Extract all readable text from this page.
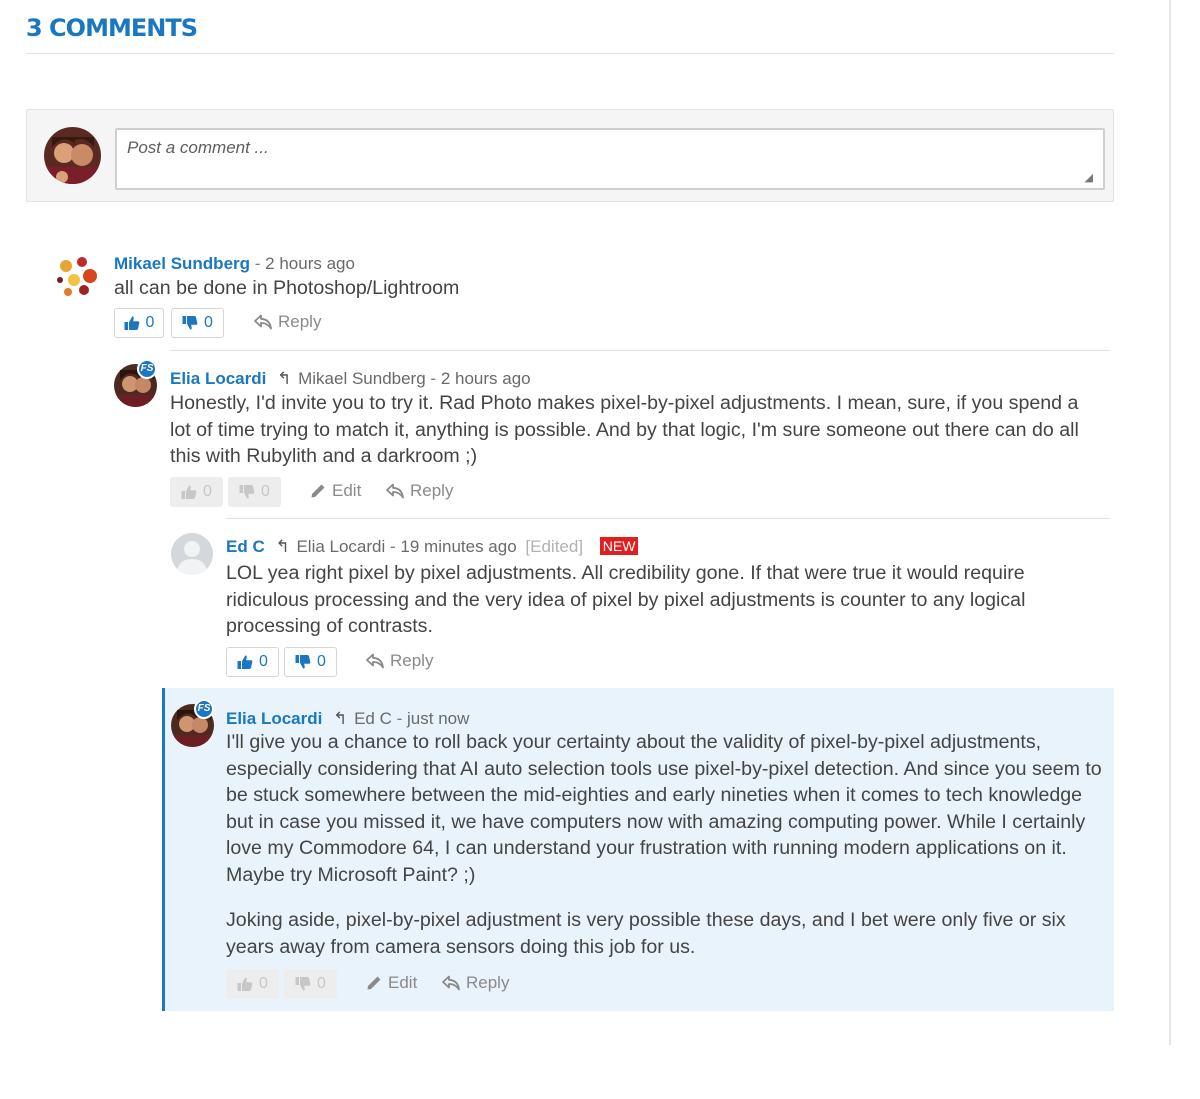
3 COMMENTS
Post a comment ...
◢
Mikael Sundberg - 2 hours ago

all can be done in Photoshop/Lightroom

0	0	Reply
FS
Elia Locardi ↰ Mikael Sundberg - 2 hours ago

Honestly, I'd invite you to try it. Rad Photo makes pixel-by-pixel adjustments. I mean, sure, if you spend a lot of time trying to match it, anything is possible. And by that logic, I'm sure someone out there can do all this with Rubylith and a darkroom ;)

0	0	Edit	Reply
Ed C ↰ Elia Locardi - 19 minutes ago [Edited] NEW

LOL yea right pixel by pixel adjustments. All credibility gone. If that were true it would require ridiculous processing and the very idea of pixel by pixel adjustments is counter to any logical processing of contrasts.

0	0	Reply
FS
Elia Locardi ↰ Ed C - just now

I'll give you a chance to roll back your certainty about the validity of pixel-by-pixel adjustments, especially considering that AI auto selection tools use pixel-by-pixel detection. And since you seem to be stuck somewhere between the mid-eighties and early nineties when it comes to tech knowledge but in case you missed it, we have computers now with amazing computing power. While I certainly love my Commodore 64, I can understand your frustration with running modern applications on it. Maybe try Microsoft Paint? ;)

Joking aside, pixel-by-pixel adjustment is very possible these days, and I bet were only five or six years away from camera sensors doing this job for us.

0	0	Edit	Reply
